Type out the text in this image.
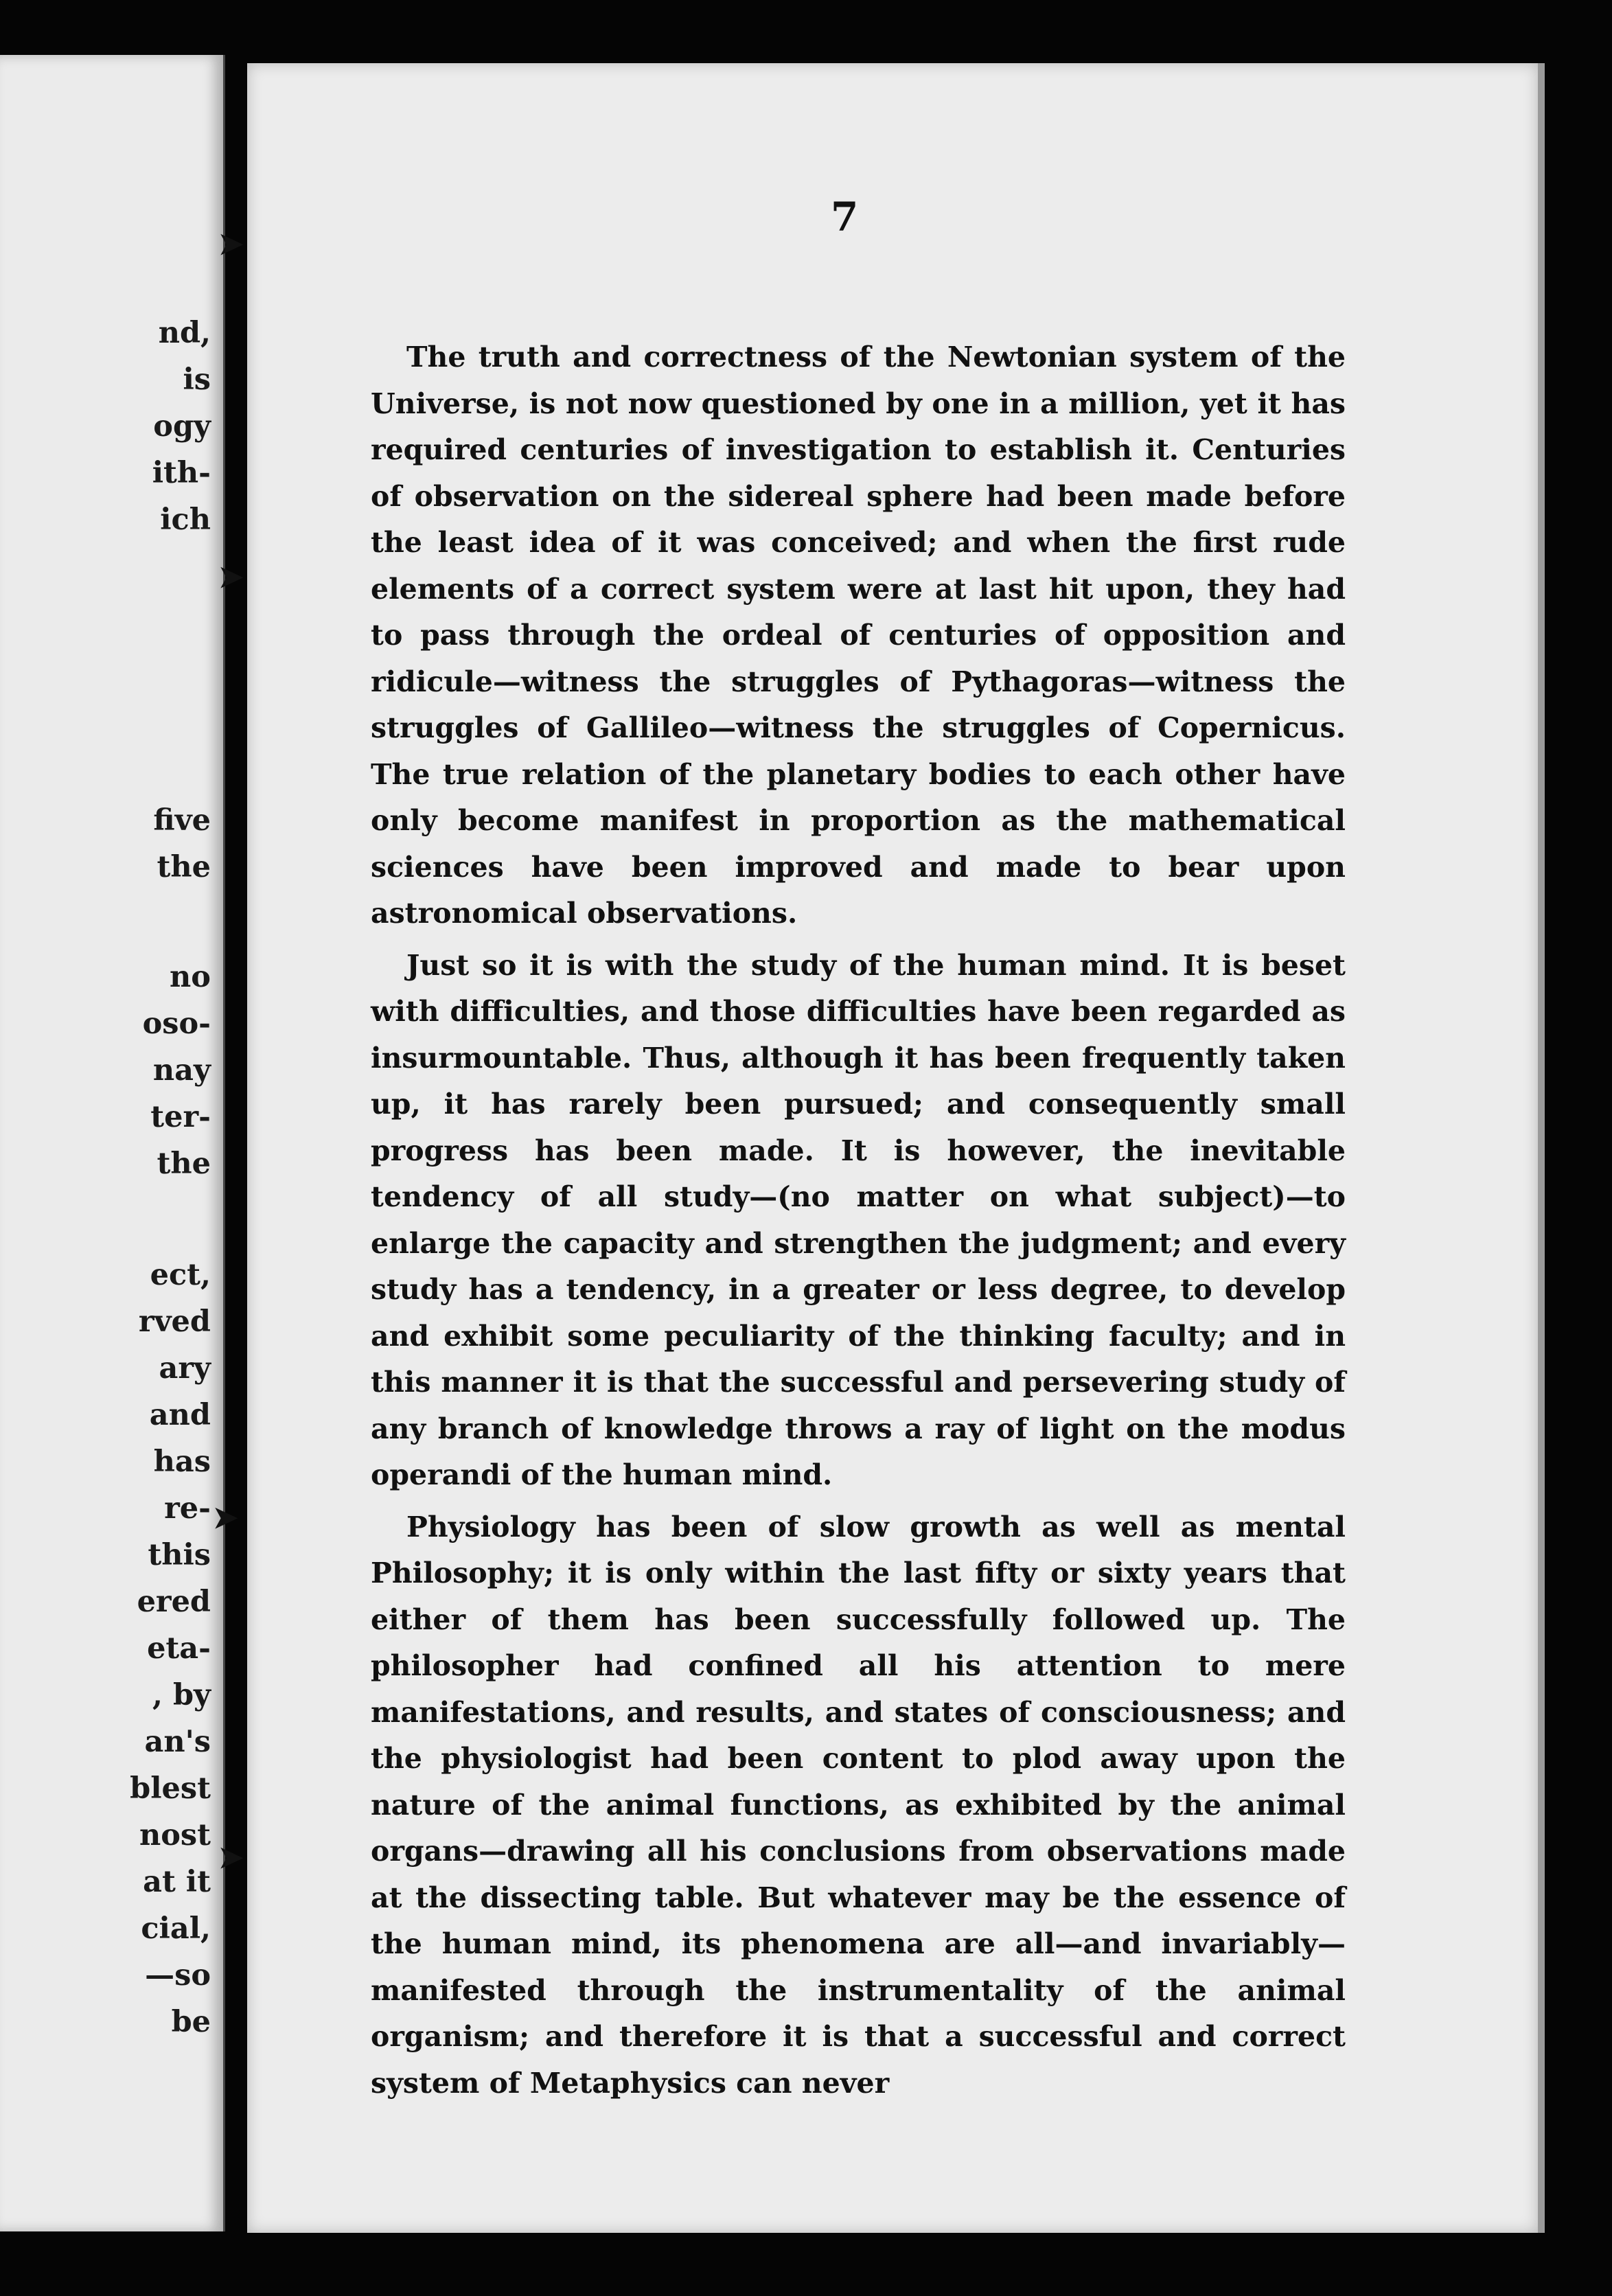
nd,
is
ogy
ith-
ich
five
the
no
oso-
nay
ter-
the
ect,
rved
ary
and
has
re-
this
ered
eta-
, by
an's
blest
nost
at it
cial,
—so
be
➤
➤
➤
➤
7

The truth and correctness of the Newtonian system of the Universe, is not now questioned by one in a million, yet it has required centuries of investigation to establish it. Centuries of observation on the sidereal sphere had been made before the least idea of it was conceived; and when the first rude elements of a correct system were at last hit upon, they had to pass through the ordeal of centuries of opposition and ridicule—witness the struggles of Pythagoras—witness the struggles of Gallileo—witness the struggles of Copernicus. The true relation of the planetary bodies to each other have only become manifest in proportion as the mathematical sciences have been improved and made to bear upon astronomical observations.

Just so it is with the study of the human mind. It is beset with difficulties, and those difficulties have been regarded as insurmountable. Thus, although it has been frequently taken up, it has rarely been pursued; and consequently small progress has been made. It is however, the inevitable tendency of all study—(no matter on what subject)—to enlarge the capacity and strengthen the judgment; and every study has a tendency, in a greater or less degree, to develop and exhibit some peculiarity of the thinking faculty; and in this manner it is that the successful and persevering study of any branch of knowledge throws a ray of light on the modus operandi of the human mind.

Physiology has been of slow growth as well as mental Philosophy; it is only within the last fifty or sixty years that either of them has been successfully followed up. The philosopher had confined all his attention to mere manifestations, and results, and states of consciousness; and the physiologist had been content to plod away upon the nature of the animal functions, as exhibited by the animal organs—drawing all his conclusions from observations made at the dissecting table. But whatever may be the essence of the human mind, its phenomena are all—and invariably—manifested through the instrumentality of the animal organism; and therefore it is that a successful and correct system of Metaphysics can never
